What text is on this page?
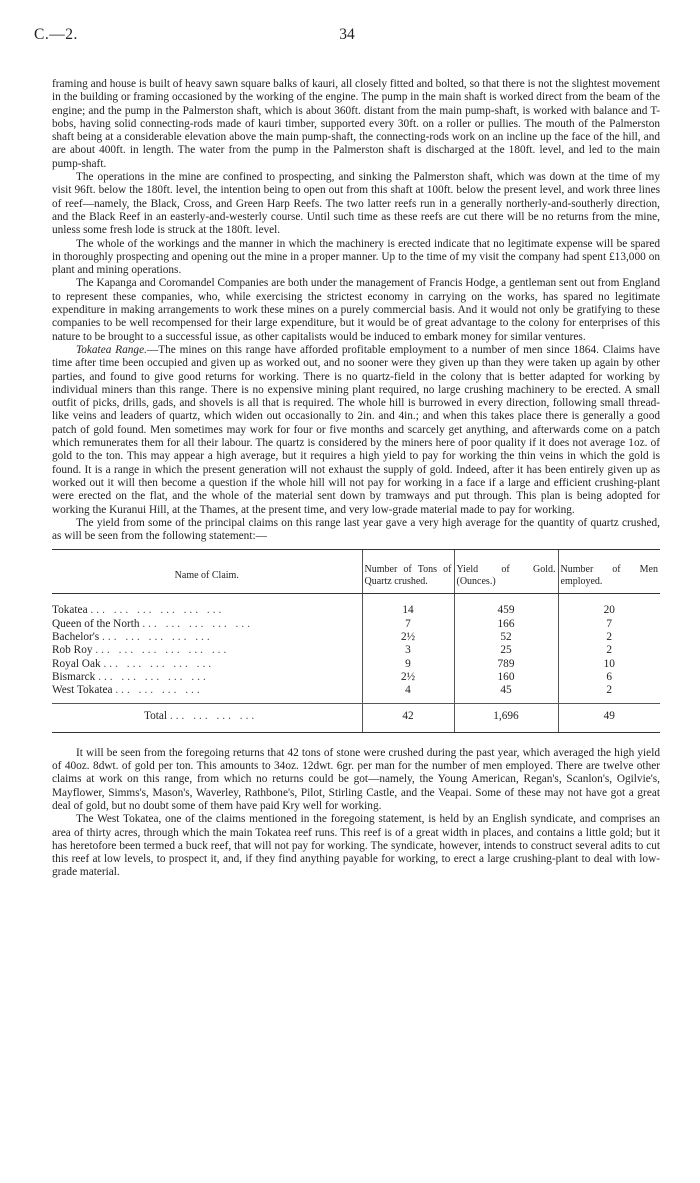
C.—2.	34

framing and house is built of heavy sawn square balks of kauri, all closely fitted and bolted, so that there is not the slightest movement in the building or framing occasioned by the working of the engine. The pump in the main shaft is worked direct from the beam of the engine; and the pump in the Palmerston shaft, which is about 360ft. distant from the main pump-shaft, is worked with balance and T-bobs, having solid connecting-rods made of kauri timber, supported every 30ft. on a roller or pullies. The mouth of the Palmerston shaft being at a considerable elevation above the main pump-shaft, the connecting-rods work on an incline up the face of the hill, and are about 400ft. in length. The water from the pump in the Palmerston shaft is discharged at the 180ft. level, and led to the main pump-shaft.

The operations in the mine are confined to prospecting, and sinking the Palmerston shaft, which was down at the time of my visit 96ft. below the 180ft. level, the intention being to open out from this shaft at 100ft. below the present level, and work three lines of reef—namely, the Black, Cross, and Green Harp Reefs. The two latter reefs run in a generally northerly-and-southerly direction, and the Black Reef in an easterly-and-westerly course. Until such time as these reefs are cut there will be no returns from the mine, unless some fresh lode is struck at the 180ft. level.

The whole of the workings and the manner in which the machinery is erected indicate that no legitimate expense will be spared in thoroughly prospecting and opening out the mine in a proper manner. Up to the time of my visit the company had spent £13,000 on plant and mining operations.

The Kapanga and Coromandel Companies are both under the management of Francis Hodge, a gentleman sent out from England to represent these companies, who, while exercising the strictest economy in carrying on the works, has spared no legitimate expenditure in making arrangements to work these mines on a purely commercial basis. And it would not only be gratifying to these companies to be well recompensed for their large expenditure, but it would be of great advantage to the colony for enterprises of this nature to be brought to a successful issue, as other capitalists would be induced to embark money for similar ventures.

Tokatea Range.—The mines on this range have afforded profitable employment to a number of men since 1864. Claims have time after time been occupied and given up as worked out, and no sooner were they given up than they were taken up again by other parties, and found to give good returns for working. There is no quartz-field in the colony that is better adapted for working by individual miners than this range. There is no expensive mining plant required, no large crushing machinery to be erected. A small outfit of picks, drills, gads, and shovels is all that is required. The whole hill is burrowed in every direction, following small thread-like veins and leaders of quartz, which widen out occasionally to 2in. and 4in.; and when this takes place there is generally a good patch of gold found. Men sometimes may work for four or five months and scarcely get anything, and afterwards come on a patch which remunerates them for all their labour. The quartz is considered by the miners here of poor quality if it does not average 1oz. of gold to the ton. This may appear a high average, but it requires a high yield to pay for working the thin veins in which the gold is found. It is a range in which the present generation will not exhaust the supply of gold. Indeed, after it has been entirely given up as worked out it will then become a question if the whole hill will not pay for working in a face if a large and efficient crushing-plant were erected on the flat, and the whole of the material sent down by tramways and put through. This plan is being adopted for working the Kuranui Hill, at the Thames, at the present time, and very low-grade material made to pay for working.

The yield from some of the principal claims on this range last year gave a very high average for the quantity of quartz crushed, as will be seen from the following statement:—

Name of Claim.	Number of Tons of Quartz crushed.	Yield of Gold. (Ounces.)	Number of Men employed.
Tokatea ... ... ... ... ... ...	14	459	20
Queen of the North ... ... ... ... ...	7	166	7
Bachelor's ... ... ... ... ...	2½	52	2
Rob Roy ... ... ... ... ... ...	3	25	2
Royal Oak ... ... ... ... ...	9	789	10
Bismarck ... ... ... ... ...	2½	160	6
West Tokatea ... ... ... ...	4	45	2
Total ... ... ... ...	42	1,696	49

It will be seen from the foregoing returns that 42 tons of stone were crushed during the past year, which averaged the high yield of 40oz. 8dwt. of gold per ton. This amounts to 34oz. 12dwt. 6gr. per man for the number of men employed. There are twelve other claims at work on this range, from which no returns could be got—namely, the Young American, Regan's, Scanlon's, Ogilvie's, Mayflower, Simms's, Mason's, Waverley, Rathbone's, Pilot, Stirling Castle, and the Veapai. Some of these may not have got a great deal of gold, but no doubt some of them have paid Kry well for working.

The West Tokatea, one of the claims mentioned in the foregoing statement, is held by an English syndicate, and comprises an area of thirty acres, through which the main Tokatea reef runs. This reef is of a great width in places, and contains a little gold; but it has heretofore been termed a buck reef, that will not pay for working. The syndicate, however, intends to construct several adits to cut this reef at low levels, to prospect it, and, if they find anything payable for working, to erect a large crushing-plant to deal with low-grade material.
